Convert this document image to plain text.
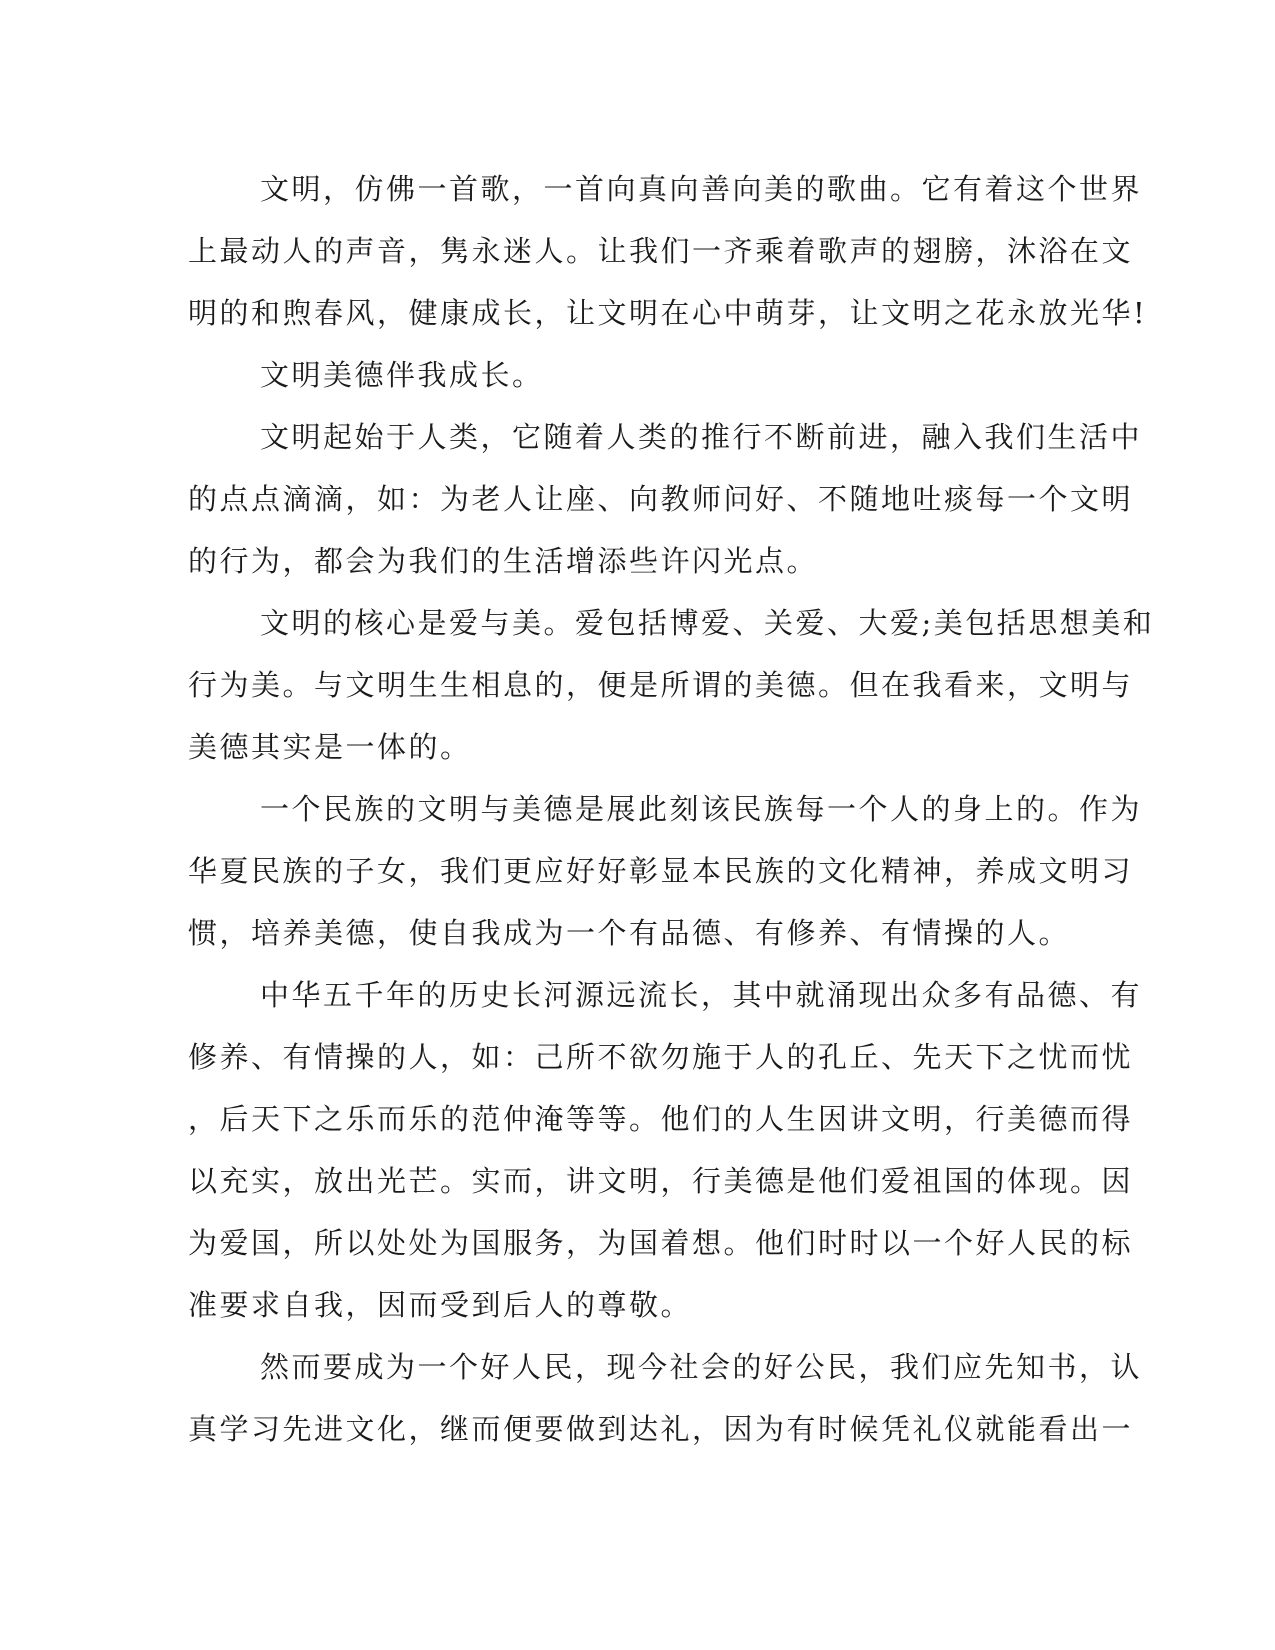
文明，仿佛一首歌，一首向真向善向美的歌曲。它有着这个世界
上最动人的声音，隽永迷人。让我们一齐乘着歌声的翅膀，沐浴在文
明的和煦春风，健康成长，让文明在心中萌芽，让文明之花永放光华!

文明美德伴我成长。

文明起始于人类，它随着人类的推行不断前进，融入我们生活中
的点点滴滴，如：为老人让座、向教师问好、不随地吐痰每一个文明
的行为，都会为我们的生活增添些许闪光点。

文明的核心是爱与美。爱包括博爱、关爱、大爱;美包括思想美和
行为美。与文明生生相息的，便是所谓的美德。但在我看来，文明与
美德其实是一体的。

一个民族的文明与美德是展此刻该民族每一个人的身上的。作为
华夏民族的子女，我们更应好好彰显本民族的文化精神，养成文明习
惯，培养美德，使自我成为一个有品德、有修养、有情操的人。

中华五千年的历史长河源远流长，其中就涌现出众多有品德、有
修养、有情操的人，如：己所不欲勿施于人的孔丘、先天下之忧而忧
，后天下之乐而乐的范仲淹等等。他们的人生因讲文明，行美德而得
以充实，放出光芒。实而，讲文明，行美德是他们爱祖国的体现。因
为爱国，所以处处为国服务，为国着想。他们时时以一个好人民的标
准要求自我，因而受到后人的尊敬。

然而要成为一个好人民，现今社会的好公民，我们应先知书，认
真学习先进文化，继而便要做到达礼，因为有时候凭礼仪就能看出一
